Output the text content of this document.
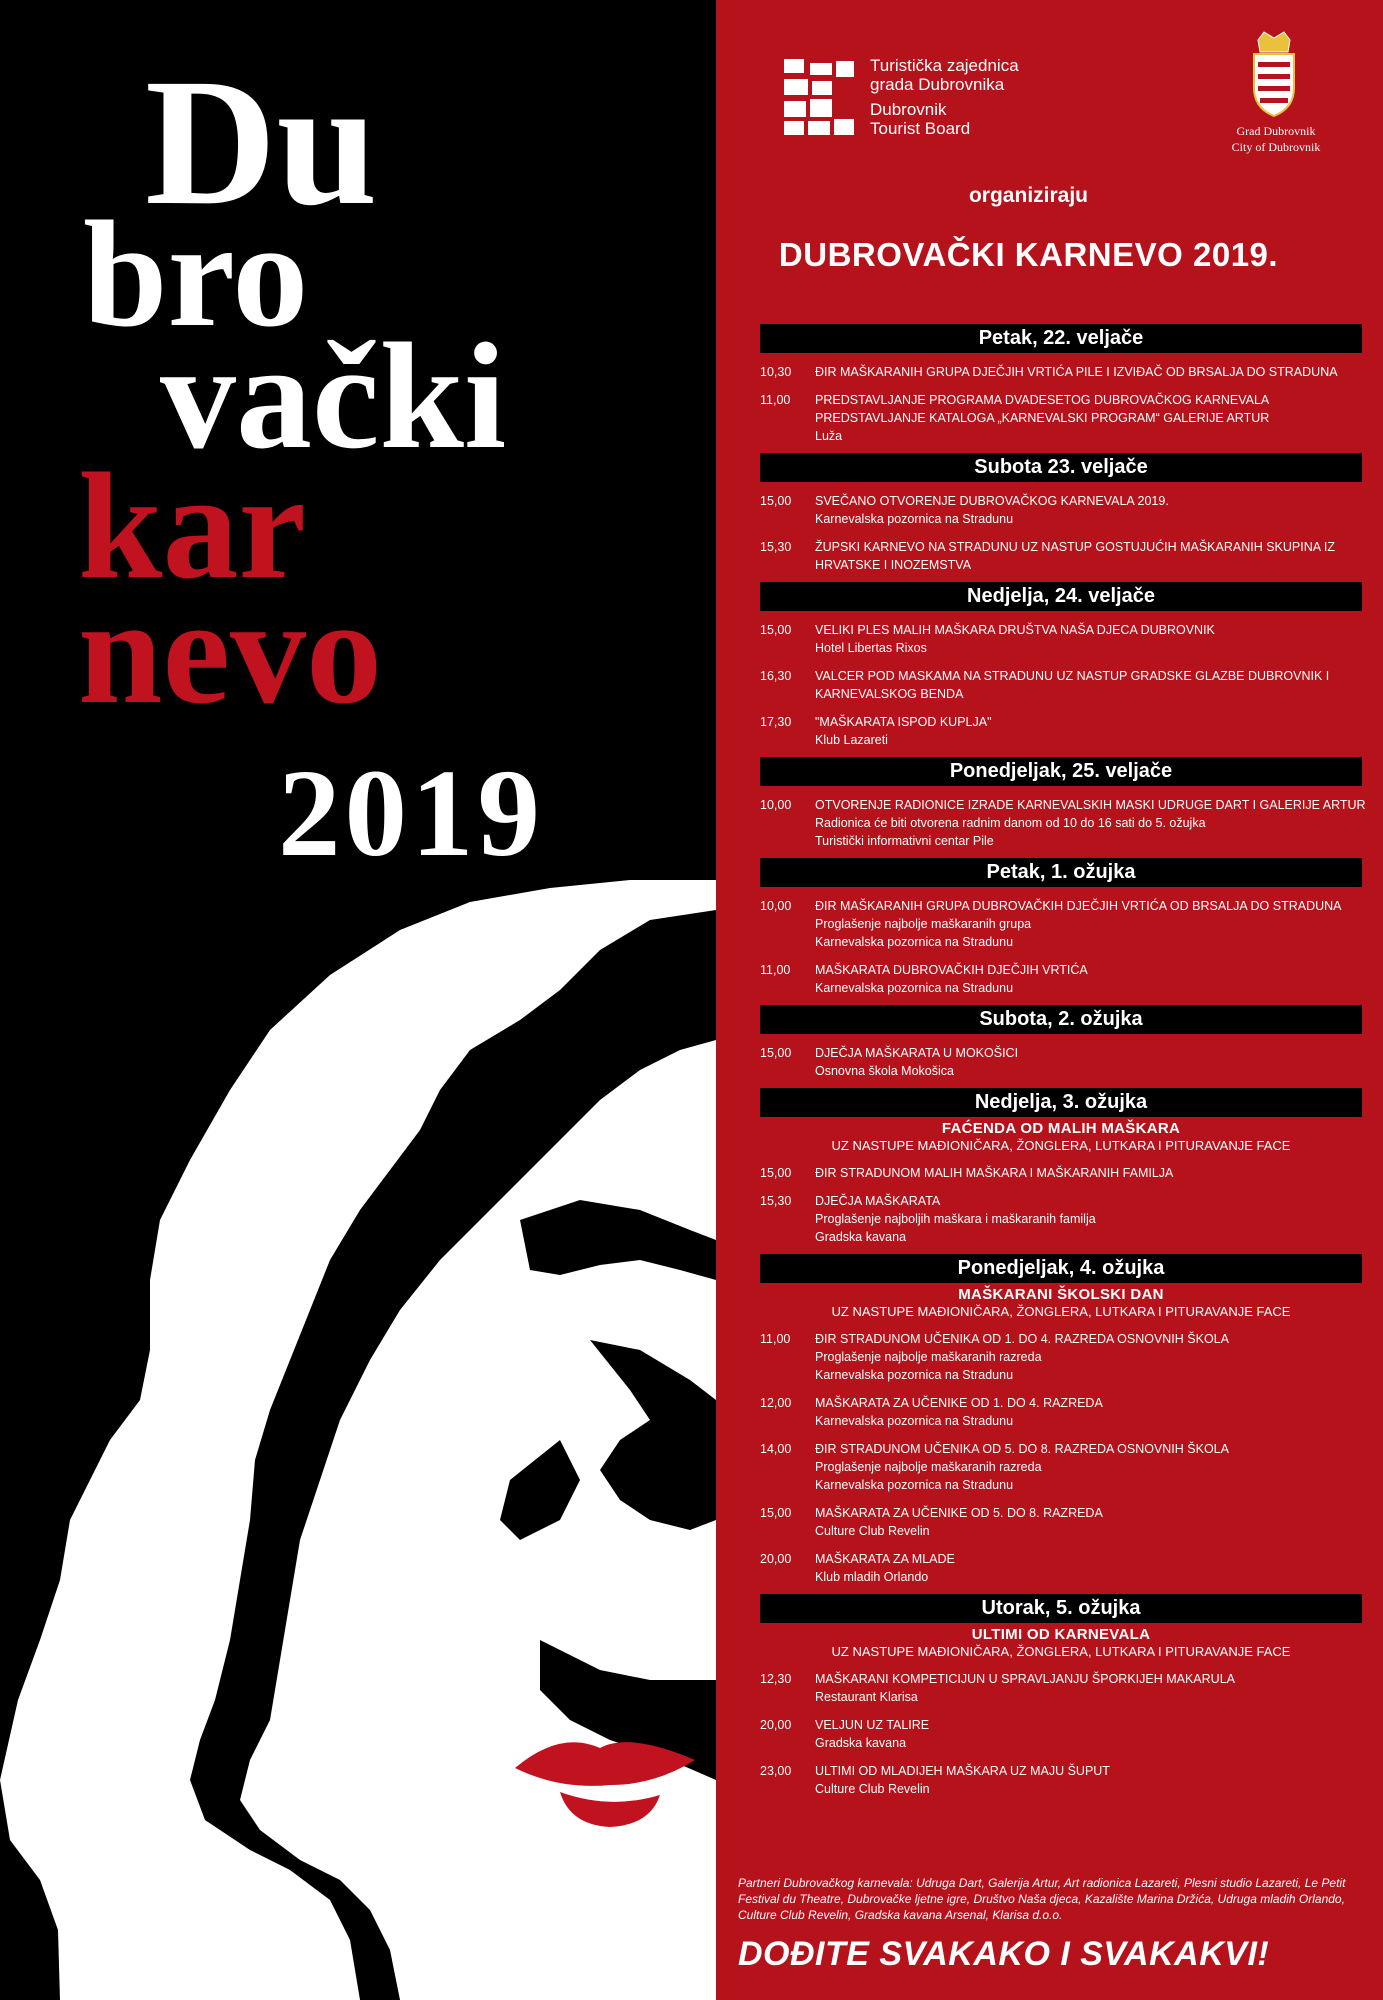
Du
bro
vački
kar
nevo
2019
Turistička zajednica
grada Dubrovnika
Dubrovnik
Tourist Board	Grad Dubrovnik
City of Dubrovnik
organiziraju
DUBROVAČKI KARNEVO 2019.
Petak, 22. veljače
10,30	ĐIR MAŠKARANIH GRUPA DJEČJIH VRTIĆA PILE I IZVIĐAČ OD BRSALJA DO STRADUNA
11,00	PREDSTAVLJANJE PROGRAMA DVADESETOG DUBROVAČKOG KARNEVALA
PREDSTAVLJANJE KATALOGA „KARNEVALSKI PROGRAM“ GALERIJE ARTUR
Luža
Subota 23. veljače
15,00	SVEČANO OTVORENJE DUBROVAČKOG KARNEVALA 2019.
Karnevalska pozornica na Stradunu
15,30	ŽUPSKI KARNEVO NA STRADUNU UZ NASTUP GOSTUJUĆIH MAŠKARANIH SKUPINA IZ
HRVATSKE I INOZEMSTVA
Nedjelja, 24. veljače
15,00	VELIKI PLES MALIH MAŠKARA DRUŠTVA NAŠA DJECA DUBROVNIK
Hotel Libertas Rixos
16,30	VALCER POD MASKAMA NA STRADUNU UZ NASTUP GRADSKE GLAZBE DUBROVNIK I
KARNEVALSKOG BENDA
17,30	"MAŠKARATA ISPOD KUPLJA"
Klub Lazareti
Ponedjeljak, 25. veljače
10,00	OTVORENJE RADIONICE IZRADE KARNEVALSKIH MASKI UDRUGE DART I GALERIJE ARTUR
Radionica će biti otvorena radnim danom od 10 do 16 sati do 5. ožujka
Turistički informativni centar Pile
Petak, 1. ožujka
10,00	ĐIR MAŠKARANIH GRUPA DUBROVAČKIH DJEČJIH VRTIĆA OD BRSALJA DO STRADUNA
Proglašenje najbolje maškaranih grupa
Karnevalska pozornica na Stradunu
11,00	MAŠKARATA DUBROVAČKIH DJEČJIH VRTIĆA
Karnevalska pozornica na Stradunu
Subota, 2. ožujka
15,00	DJEČJA MAŠKARATA U MOKOŠICI
Osnovna škola Mokošica
Nedjelja, 3. ožujka
FAĆENDA OD MALIH MAŠKARA
UZ NASTUPE MAĐIONIČARA, ŽONGLERA, LUTKARA I PITURAVANJE FACE
15,00	ĐIR STRADUNOM MALIH MAŠKARA I MAŠKARANIH FAMILJA
15,30	DJEČJA MAŠKARATA
Proglašenje najboljih maškara i maškaranih familja
Gradska kavana
Ponedjeljak, 4. ožujka
MAŠKARANI ŠKOLSKI DAN
UZ NASTUPE MAĐIONIČARA, ŽONGLERA, LUTKARA I PITURAVANJE FACE
11,00	ĐIR STRADUNOM UČENIKA OD 1. DO 4. RAZREDA OSNOVNIH ŠKOLA
Proglašenje najbolje maškaranih razreda
Karnevalska pozornica na Stradunu
12,00	MAŠKARATA ZA UČENIKE OD 1. DO 4. RAZREDA
Karnevalska pozornica na Stradunu
14,00	ĐIR STRADUNOM UČENIKA OD 5. DO 8. RAZREDA OSNOVNIH ŠKOLA
Proglašenje najbolje maškaranih razreda
Karnevalska pozornica na Stradunu
15,00	MAŠKARATA ZA UČENIKE OD 5. DO 8. RAZREDA
Culture Club Revelin
20,00	MAŠKARATA ZA MLADE
Klub mladih Orlando
Utorak, 5. ožujka
ULTIMI OD KARNEVALA
UZ NASTUPE MAĐIONIČARA, ŽONGLERA, LUTKARA I PITURAVANJE FACE
12,30	MAŠKARANI KOMPETICIJUN U SPRAVLJANJU ŠPORKIJEH MAKARULA
Restaurant Klarisa
20,00	VELJUN UZ TALIRE
Gradska kavana
23,00	ULTIMI OD MLADIJEH MAŠKARA UZ MAJU ŠUPUT
Culture Club Revelin
Partneri Dubrovačkog karnevala: Udruga Dart, Galerija Artur, Art radionica Lazareti, Plesni studio Lazareti, Le Petit Festival du Theatre, Dubrovačke ljetne igre, Društvo Naša djeca, Kazalište Marina Držića, Udruga mladih Orlando, Culture Club Revelin, Gradska kavana Arsenal, Klarisa d.o.o.
DOĐITE SVAKAKO I SVAKAKVI!
